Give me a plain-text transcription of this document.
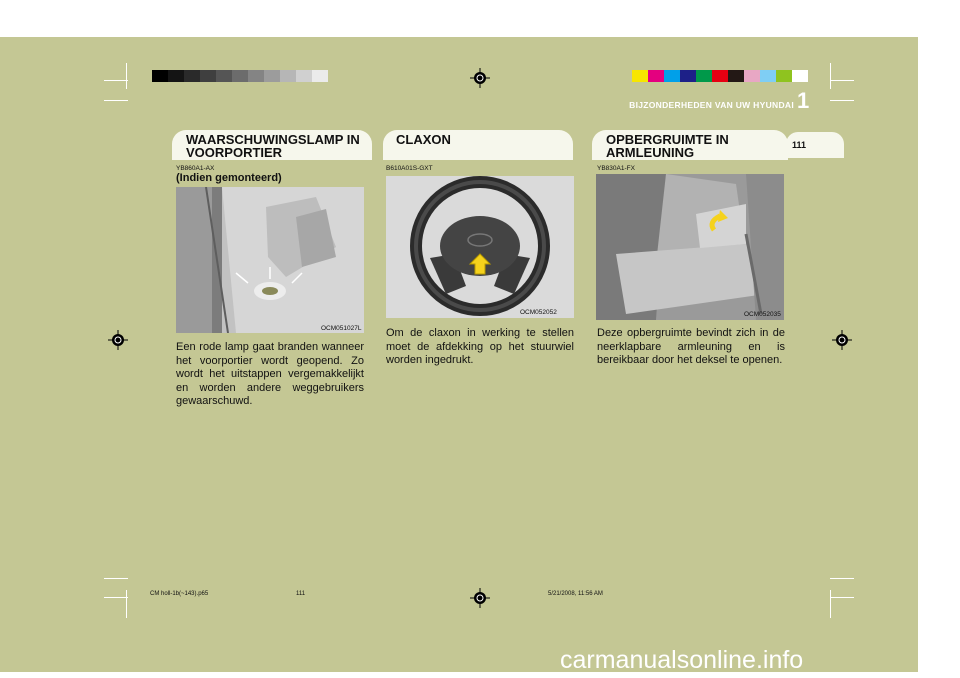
BIJZONDERHEDEN VAN UW HYUNDAI 1
111
WAARSCHUWINGSLAMP IN VOORPORTIER
YB860A1-AX
(Indien gemonteerd)
OCM051027L
Een rode lamp gaat branden wanneer het voorportier wordt geopend. Zo wordt het uitstappen vergemakkelijkt en worden andere weggebruikers gewaarschuwd.
CLAXON
B610A01S-GXT
OCM052052
Om de claxon in werking te stellen moet de afdekking op het stuurwiel worden ingedrukt.
OPBERGRUIMTE IN ARMLEUNING
YB830A1-FX
OCM052035
Deze opbergruimte bevindt zich in de neerklapbare armleuning en is bereikbaar door het deksel te openen.
CM holl-1b(~143).p65	111	5/21/2008, 11:56 AM
carmanualsonline.info
